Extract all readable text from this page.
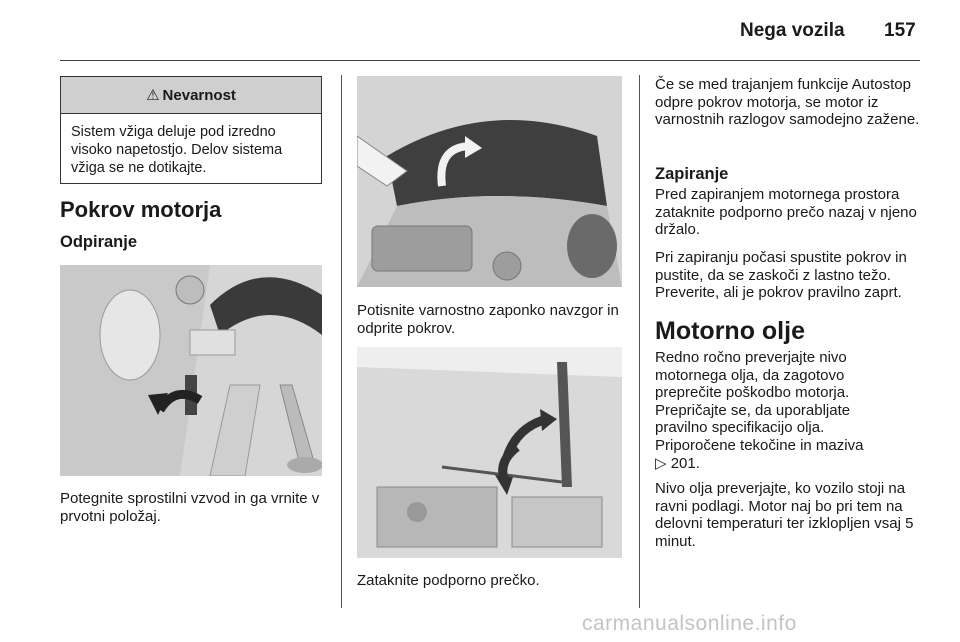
Nega vozila 157
⚠ Nevarnost
Sistem vžiga deluje pod izredno visoko napetostjo. Delov sistema vžiga se ne dotikajte.
Pokrov motorja
Odpiranje
Potegnite sprostilni vzvod in ga vrnite v prvotni položaj.
Potisnite varnostno zaponko navzgor in odprite pokrov.
Zataknite podporno prečko.
Če se med trajanjem funkcije Autostop odpre pokrov motorja, se motor iz varnostnih razlogov samodejno zažene.
Zapiranje
Pred zapiranjem motornega prostora zataknite podporno prečo nazaj v njeno držalo.
Pri zapiranju počasi spustite pokrov in pustite, da se zaskoči z lastno težo. Preverite, ali je pokrov pravilno zaprt.
Motorno olje
Redno ročno preverjajte nivo
motornega olja, da zagotovo
preprečite poškodbo motorja.
Prepričajte se, da uporabljate
pravilno specifikacijo olja.
Priporočene tekočine in maziva
▷ 201.
Nivo olja preverjajte, ko vozilo stoji na ravni podlagi. Motor naj bo pri tem na delovni temperaturi ter izklopljen vsaj 5 minut.
carmanualsonline.info
